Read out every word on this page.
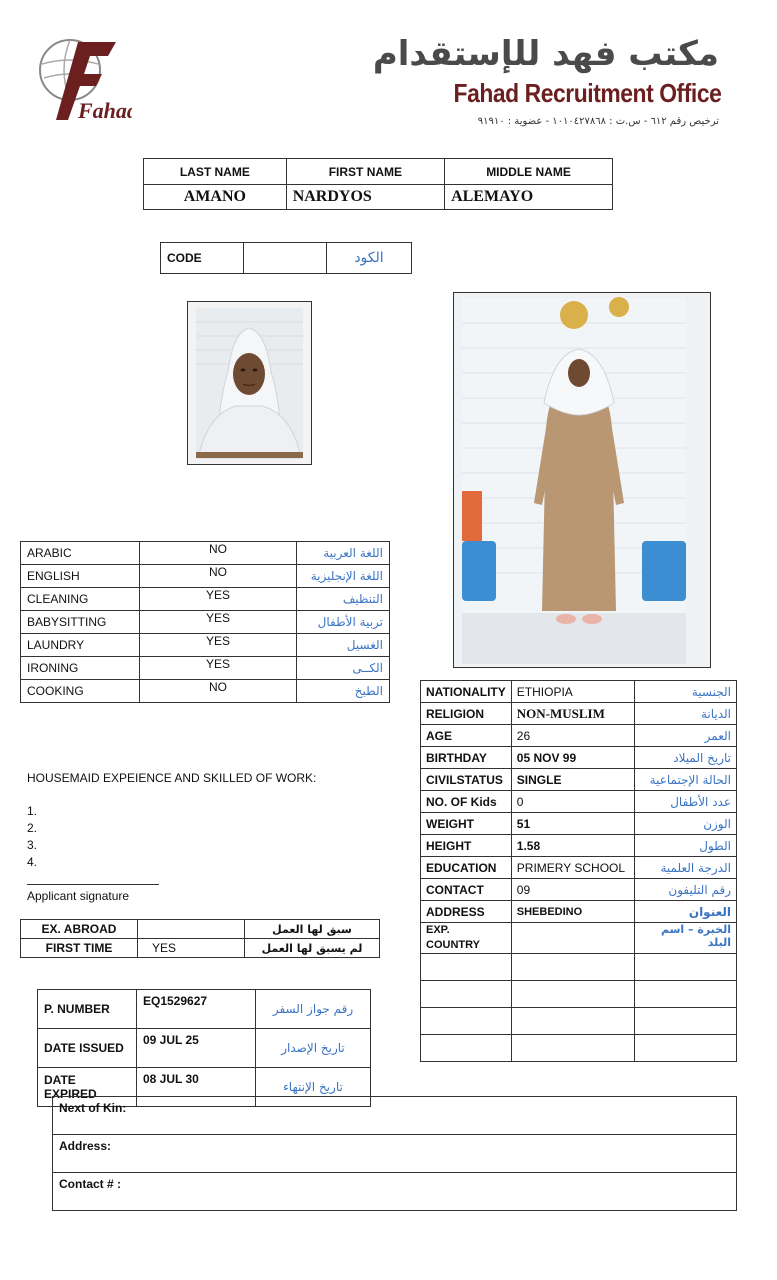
Fahad
مكتب فهد للإستقدام
Fahad Recruitment Office
ترخيص رقم ٦١٢ - س.ت : ١٠١٠٤٢٧٨٦٨ - عضوية : ٩١٩١٠
LAST NAME	FIRST NAME	MIDDLE NAME
AMANO	NARDYOS	ALEMAYO
CODE		الكود
ARABIC	NO	اللغة العربية
ENGLISH	NO	اللغة الإنجليزية
CLEANING	YES	التنظيف
BABYSITTING	YES	تربية الأطفال
LAUNDRY	YES	الغسيل
IRONING	YES	الكــى
COOKING	NO	الطبخ
HOUSEMAID EXPEIENCE AND SKILLED OF WORK:
1.
2.
3.
4.
Applicant signature
EX. ABROAD		سبق لها العمل
FIRST TIME	YES	لم يسبق لها العمل
NATIONALITY	ETHIOPIA	الجنسية
RELIGION	NON-MUSLIM	الديانة
AGE	26	العمر
BIRTHDAY	05 NOV 99	تاريخ الميلاد
CIVILSTATUS	SINGLE	الحالة الإجتماعية
NO. OF Kids	0	عدد الأطفال
WEIGHT	51	الوزن
HEIGHT	1.58	الطول
EDUCATION	PRIMERY SCHOOL	الدرجة العلمية
CONTACT	09	رقم التليفون
ADDRESS	SHEBEDINO	العنوان

EXP.
COUNTRY		الخبرة – اسم البلد

P. NUMBER	EQ1529627	رقم جواز السفر
DATE ISSUED	09 JUL 25	تاريخ الإصدار
DATE EXPIRED	08 JUL 30	تاريخ الإنتهاء
Next of Kin:
Address:
Contact # :
